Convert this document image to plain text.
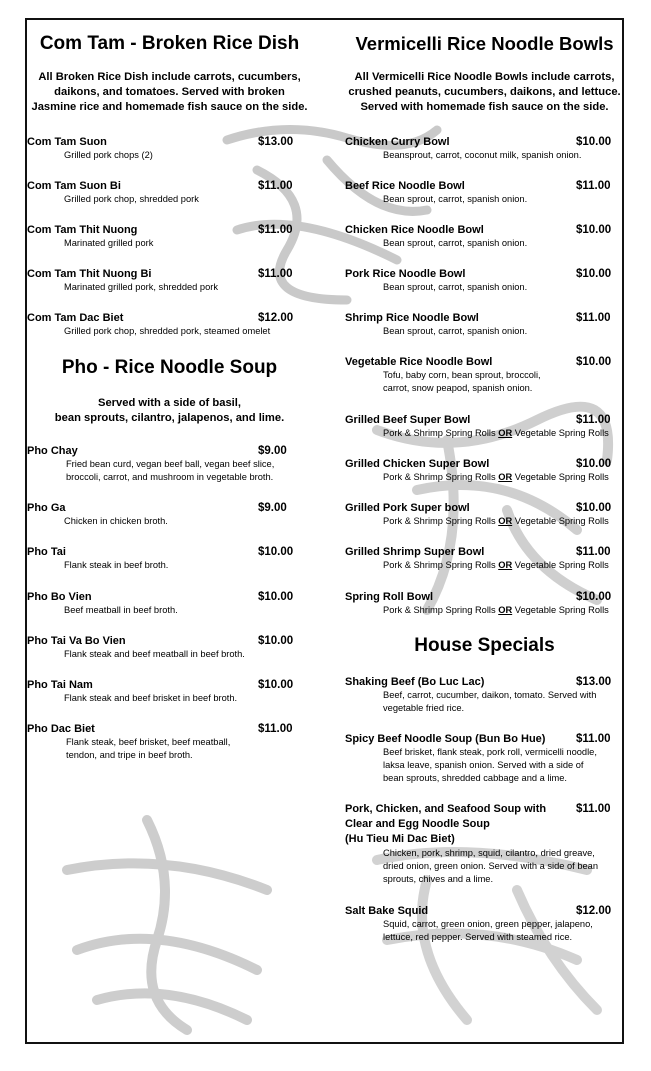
Com Tam - Broken Rice Dish

All Broken Rice Dish include carrots, cucumbers,
daikons, and tomatoes. Served with broken
Jasmine rice and homemade fish sauce on the side.

Com Tam Suon	$13.00
Grilled pork chops (2)
Com Tam Suon Bi	$11.00
Grilled pork chop, shredded pork
Com Tam Thit Nuong	$11.00
Marinated grilled pork
Com Tam Thit Nuong Bi	$11.00
Marinated grilled pork, shredded pork
Com Tam Dac Biet	$12.00
Grilled pork chop, shredded pork, steamed omelet
Pho - Rice Noodle Soup

Served with a side of basil,
bean sprouts, cilantro, jalapenos, and lime.

Pho Chay	$9.00
Fried bean curd, vegan beef ball, vegan beef slice,
broccoli, carrot, and mushroom in vegetable broth.
Pho Ga	$9.00
Chicken in chicken broth.
Pho Tai	$10.00
Flank steak in beef broth.
Pho Bo Vien	$10.00
Beef meatball in beef broth.
Pho Tai Va Bo Vien	$10.00
Flank steak and beef meatball in beef broth.
Pho Tai Nam	$10.00
Flank steak and beef brisket in beef broth.
Pho Dac Biet	$11.00
Flank steak, beef brisket, beef meatball,
tendon, and tripe in beef broth.
Vermicelli Rice Noodle Bowls

All Vermicelli Rice Noodle Bowls include carrots,
crushed peanuts, cucumbers, daikons, and lettuce.
Served with homemade fish sauce on the side.

Chicken Curry Bowl	$10.00
Beansprout, carrot, coconut milk, spanish onion.
Beef Rice Noodle Bowl	$11.00
Bean sprout, carrot, spanish onion.
Chicken Rice Noodle Bowl	$10.00
Bean sprout, carrot, spanish onion.
Pork Rice Noodle Bowl	$10.00
Bean sprout, carrot, spanish onion.
Shrimp Rice Noodle Bowl	$11.00
Bean sprout, carrot, spanish onion.
Vegetable Rice Noodle Bowl	$10.00
Tofu, baby corn, bean sprout, broccoli,
carrot, snow peapod, spanish onion.
Grilled Beef Super Bowl	$11.00
Pork & Shrimp Spring Rolls OR Vegetable Spring Rolls
Grilled Chicken Super Bowl	$10.00
Pork & Shrimp Spring Rolls OR Vegetable Spring Rolls
Grilled Pork Super bowl	$10.00
Pork & Shrimp Spring Rolls OR Vegetable Spring Rolls
Grilled Shrimp Super Bowl	$11.00
Pork & Shrimp Spring Rolls OR Vegetable Spring Rolls
Spring Roll Bowl	$10.00
Pork & Shrimp Spring Rolls OR Vegetable Spring Rolls
House Specials
Shaking Beef (Bo Luc Lac)	$13.00
Beef, carrot, cucumber, daikon, tomato. Served with
vegetable fried rice.
Spicy Beef Noodle Soup (Bun Bo Hue)	$11.00
Beef brisket, flank steak, pork roll, vermicelli noodle,
laksa leave, spanish onion. Served with a side of
bean sprouts, shredded cabbage and a lime.
Pork, Chicken, and Seafood Soup with
Clear and Egg Noodle Soup
(Hu Tieu Mi Dac Biet)
$11.00
Chicken, pork, shrimp, squid, cilantro, dried greave,
dried onion, green onion. Served with a side of bean
sprouts, chives and a lime.
Salt Bake Squid	$12.00
Squid, carrot, green onion, green pepper, jalapeno,
lettuce, red pepper. Served with steamed rice.
